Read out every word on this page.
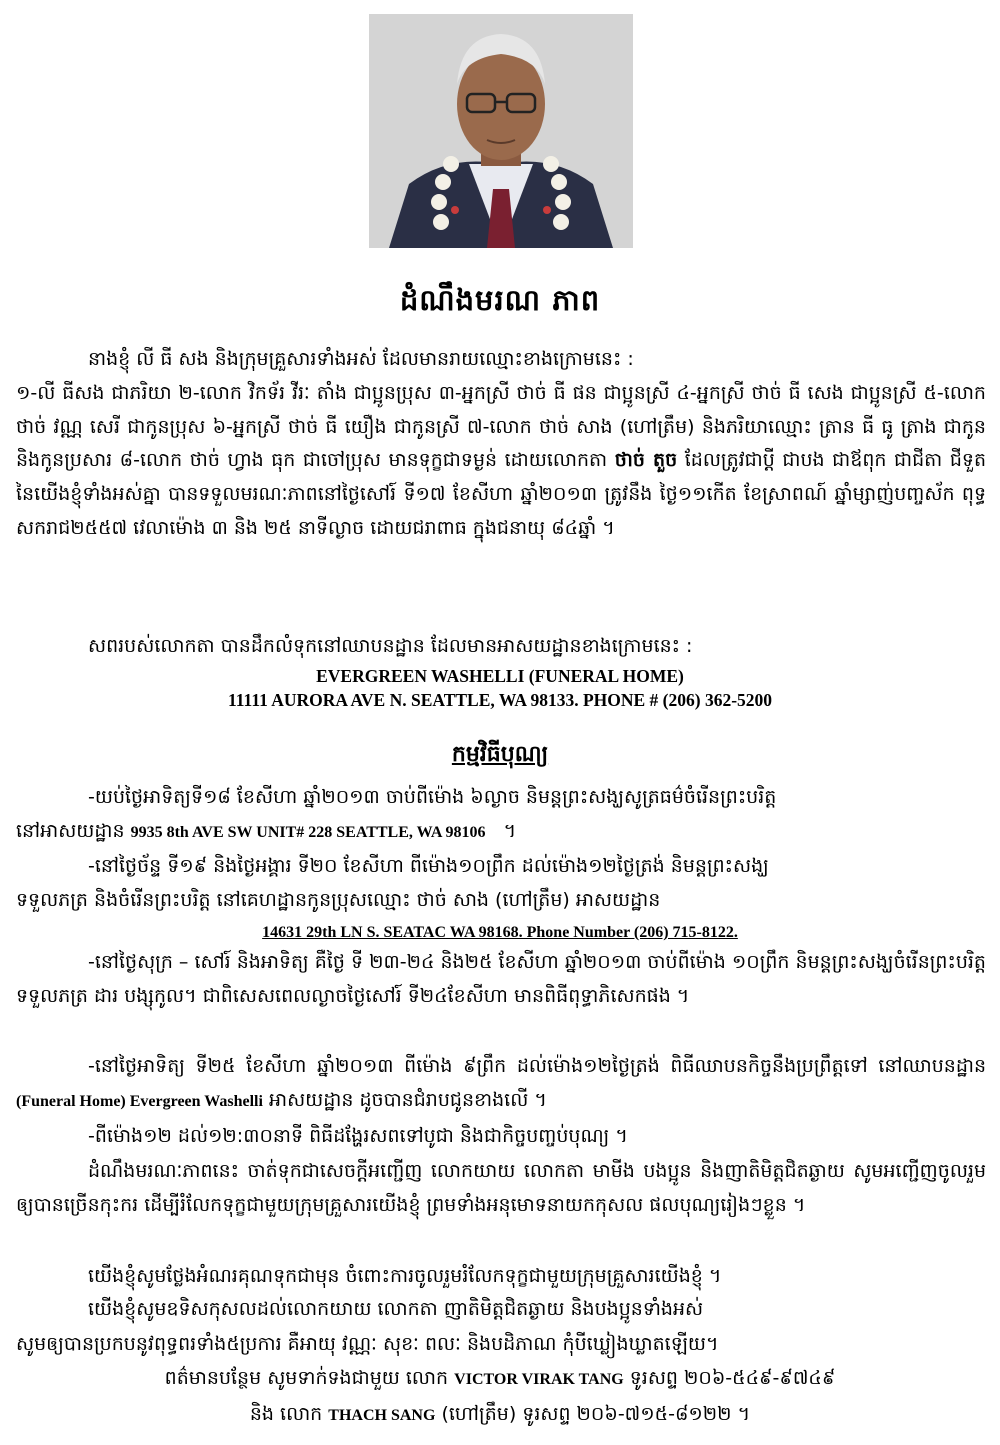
ដំណឹងមរណ ភាព
នាងខ្ញុំ លី ធី សង និងក្រុមគ្រួសារទាំងអស់ ដែលមានរាយឈ្មោះខាងក្រោមនេះ :
១-លី ធីសង ជាភរិយា ២-លោក វិកទ័រ វីរៈ តាំង ជាប្អូនប្រុស ៣-អ្នកស្រី ថាច់ ធី ផន ជាប្អូនស្រី ៤-អ្នកស្រី ថាច់ ធី សេង ជាប្អូនស្រី ៥-លោក ថាច់ វណ្ណ សេរី ជាកូនប្រុស ៦-អ្នកស្រី ថាច់ ធី យឿង ជាកូនស្រី ៧-លោក ថាច់ សាង (ហៅត្រឹម) និងភរិយាឈ្មោះ ត្រាន ធី ធូ ត្រាង ជាកូន និងកូនប្រសារ ៨-លោក ថាច់ ហ្វាង ធុក ជាចៅប្រុស មានទុក្ខជាទម្ងន់ ដោយលោកតា ថាច់ តួច ដែលត្រូវជាប្ដី ជាបង ជាឪពុក ជាជីតា ជីទួត នៃយើងខ្ញុំទាំងអស់គ្នា បានទទួលមរណៈភាពនៅថ្ងៃសៅរ៍ ទី១៧ ខែសីហា ឆ្នាំ២០១៣ ត្រូវនឹង ថ្ងៃ១១កើត ខែស្រាពណ៍ ឆ្នាំម្សាញ់បញ្ចស័ក ពុទ្ធសករាជ២៥៥៧ វេលាម៉ោង ៣ និង ២៥ នាទីល្ងាច ដោយជរាពាធ ក្នុងជនាយុ ៨៤ឆ្នាំ ។
សពរបស់លោកតា បានដឹកលំទុកនៅឈាបនដ្ឋាន ដែលមានអាសយដ្ឋានខាងក្រោមនេះ :
EVERGREEN WASHELLI (FUNERAL HOME)
11111 AURORA AVE N. SEATTLE, WA 98133. PHONE # (206) 362-5200
កម្មវិធីបុណ្យ
-យប់ថ្ងៃអាទិត្យទី១៨ ខែសីហា ឆ្នាំ២០១៣ ចាប់ពីម៉ោង ៦ល្ងាច និមន្តព្រះសង្ឃសូត្រធម៌ចំរើនព្រះបរិត្ត
នៅអាសយដ្ឋាន 9935 8th AVE SW UNIT# 228 SEATTLE, WA 98106 ។
-នៅថ្ងៃច័ន្ទ ទី១៩ និងថ្ងៃអង្គារ ទី២០ ខែសីហា ពីម៉ោង១០ព្រឹក ដល់ម៉ោង១២ថ្ងៃត្រង់ និមន្តព្រះសង្ឃ
ទទួលភត្រ និងចំរើនព្រះបរិត្ត នៅគេហដ្ឋានកូនប្រុសឈ្មោះ ថាច់ សាង (ហៅត្រឹម) អាសយដ្ឋាន
14631 29th LN S. SEATAC WA 98168. Phone Number (206) 715-8122.
-នៅថ្ងៃសុក្រ – សៅរ៍ និងអាទិត្យ គឺថ្ងៃ ទី ២៣-២៤ និង២៥ ខែសីហា ឆ្នាំ២០១៣ ចាប់ពីម៉ោង ១០ព្រឹក និមន្តព្រះសង្ឃចំរើនព្រះបរិត្ត ទទួលភត្រ ដារ បង្សុកូល។ ជាពិសេសពេលល្ងាចថ្ងៃសៅរ៍ ទី២៤ខែសីហា មានពិធីពុទ្ធាភិសេកផង ។
-នៅថ្ងៃអាទិត្យ ទី២៥ ខែសីហា ឆ្នាំ២០១៣ ពីម៉ោង ៩ព្រឹក ដល់ម៉ោង១២ថ្ងៃត្រង់ ពិធីឈាបនកិច្ចនឹងប្រព្រឹត្តទៅ នៅឈាបនដ្ឋាន (Funeral Home) Evergreen Washelli អាសយដ្ឋាន ដូចបានជំរាបជូនខាងលើ ។
-ពីម៉ោង១២ ដល់១២:៣០នាទី ពិធីដង្ហែរសពទៅបូជា និងជាកិច្ចបញ្ចប់បុណ្យ ។
ដំណឹងមរណៈភាពនេះ ចាត់ទុកជាសេចក្ដីអញ្ជើញ លោកយាយ លោកតា មាមីង បងប្អូន និងញាតិមិត្តជិតឆ្ងាយ សូមអញ្ជើញចូលរួមឲ្យបានច្រើនកុះករ ដើម្បីរំលែកទុក្ខជាមួយក្រុមគ្រួសារយើងខ្ញុំ ព្រមទាំងអនុមោទនាយកកុសល ផលបុណ្យរៀងៗខ្លួន ។
យើងខ្ញុំសូមថ្លែងអំណរគុណទុកជាមុន ចំពោះការចូលរួមរំលែកទុក្ខជាមួយក្រុមគ្រួសារយើងខ្ញុំ ។
យើងខ្ញុំសូមឧទិសកុសលដល់លោកយាយ លោកតា ញាតិមិត្តជិតឆ្ងាយ និងបងប្អូនទាំងអស់
សូមឲ្យបានប្រកបនូវពុទ្ធពរទាំង៥ប្រការ គឺអាយុ វណ្ណៈ សុខៈ ពលៈ និងបដិភាណ កុំបីឃ្លៀងឃ្លាតឡើយ។
ពត៌មានបន្ថែម សូមទាក់ទងជាមួយ លោក VICTOR VIRAK TANG ទូរសព្ទ ២០៦-៥៤៩-៩៧៤៩
និង លោក THACH SANG (ហៅត្រឹម) ទូរសព្ទ ២០៦-៧១៥-៨១២២ ។
